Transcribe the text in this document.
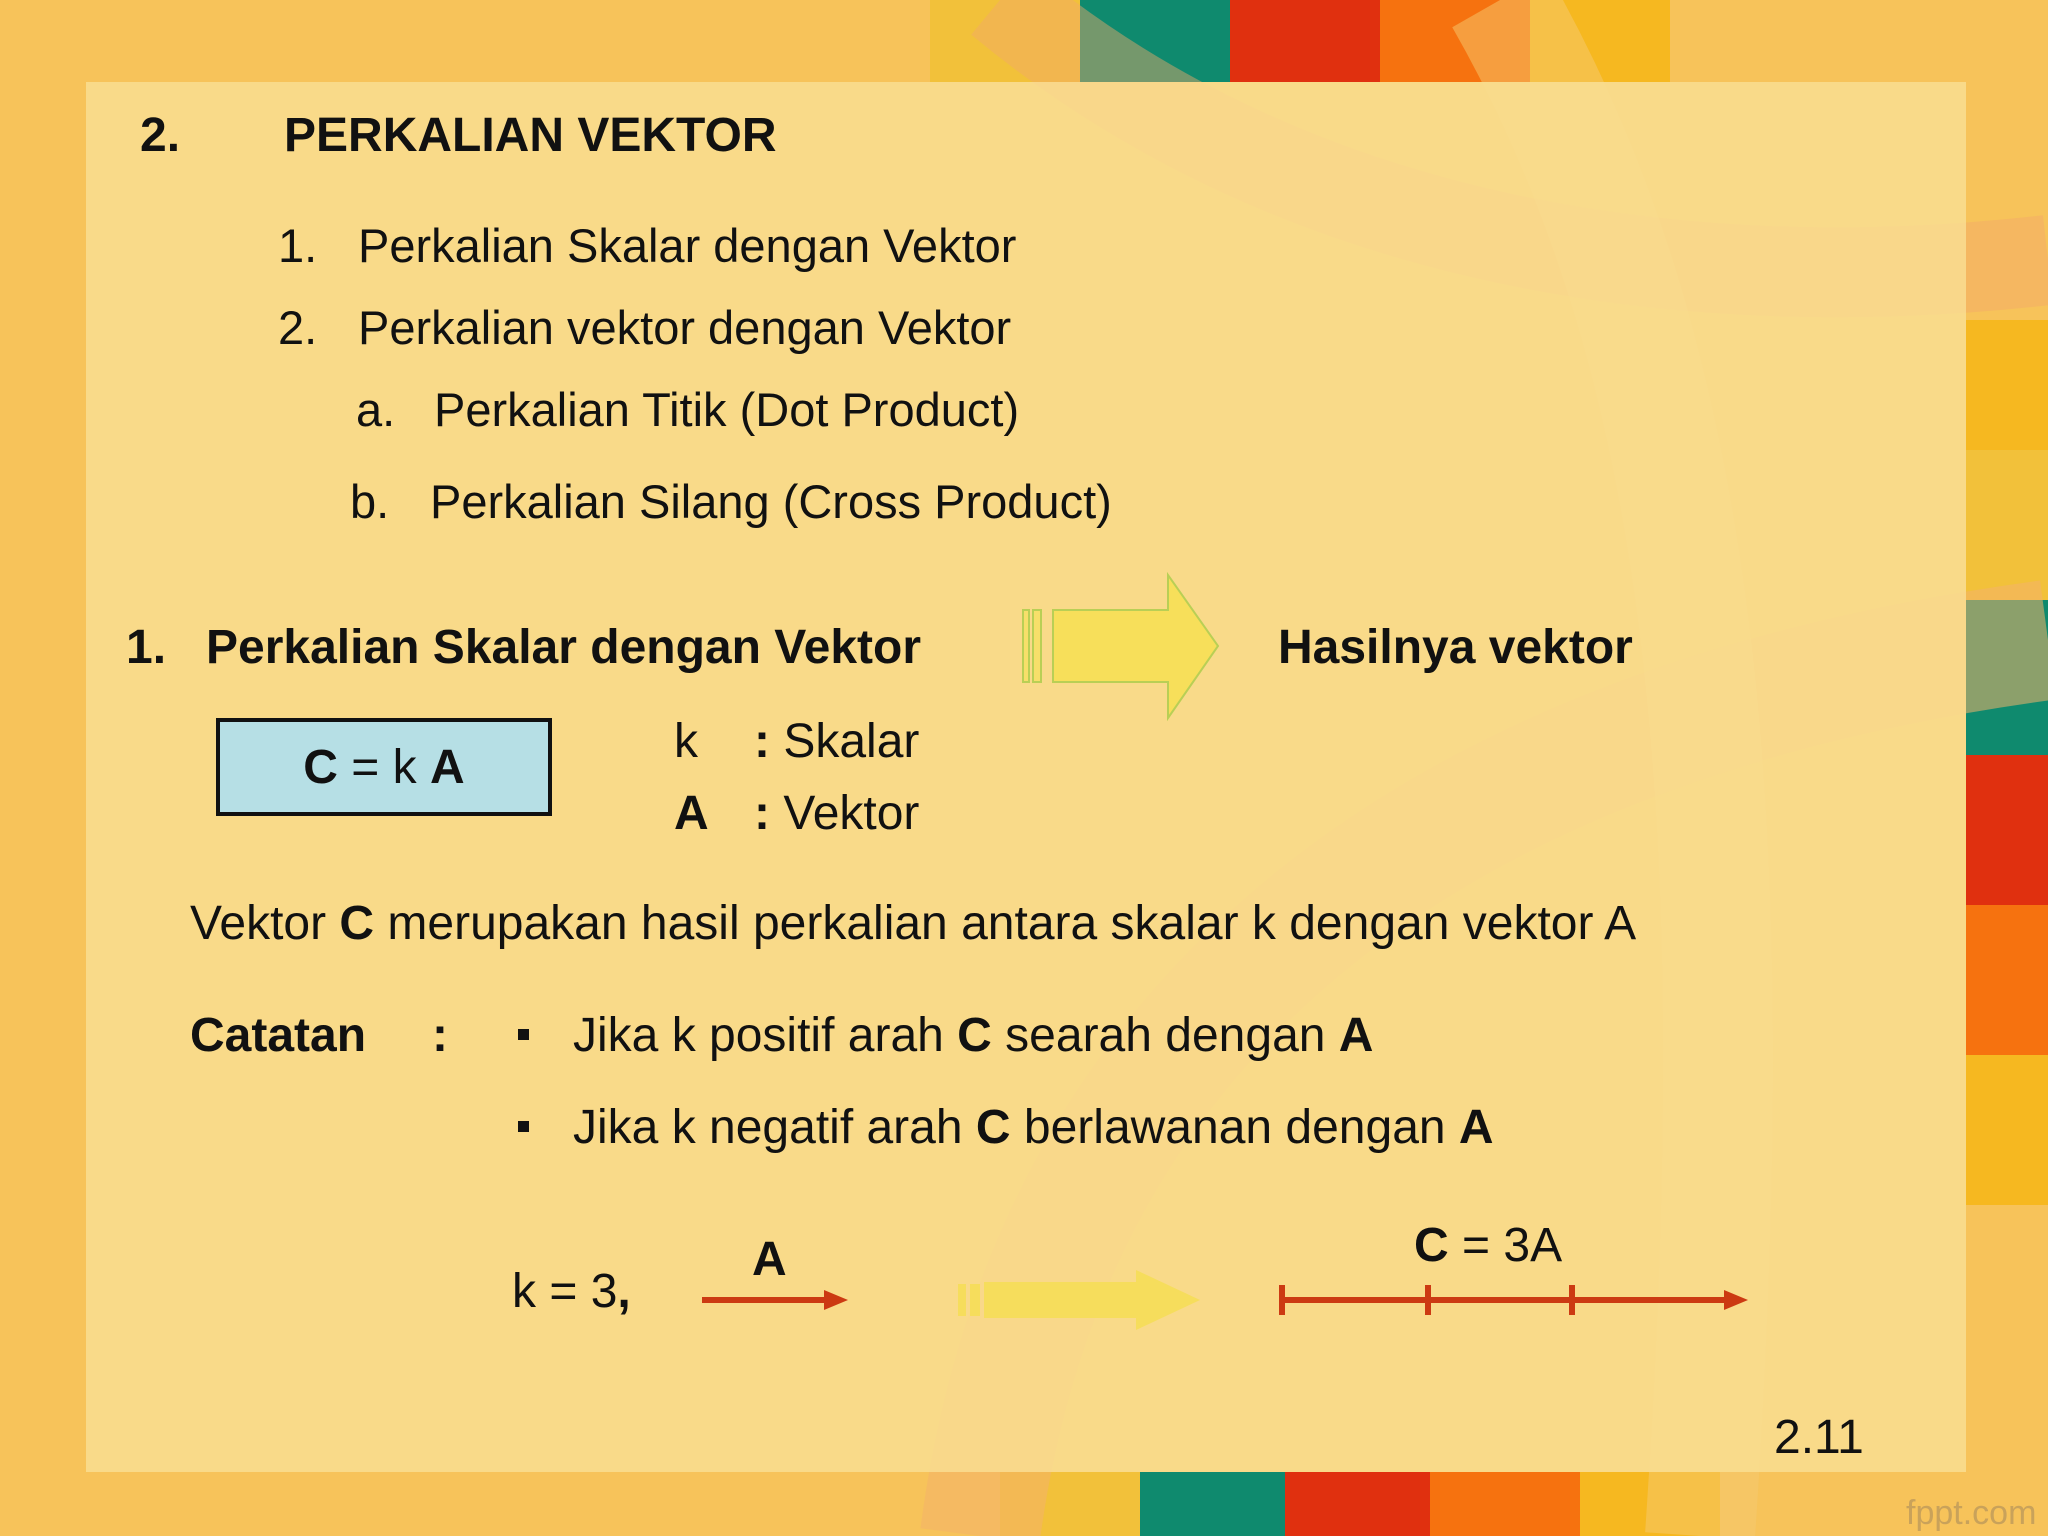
2. PERKALIAN VEKTOR
1. Perkalian Skalar dengan Vektor
2. Perkalian vektor dengan Vektor
a. Perkalian Titik (Dot Product)
b. Perkalian Silang (Cross Product)
1. Perkalian Skalar dengan Vektor	Hasilnya vektor
C = k A	k : Skalar
A : Vektor
Vektor C merupakan hasil perkalian antara skalar k dengan vektor A
Catatan :	Jika k positif arah C searah dengan A
Jika k negatif arah C berlawanan dengan A
k = 3,
A	C = 3A
2.11
fppt.com
